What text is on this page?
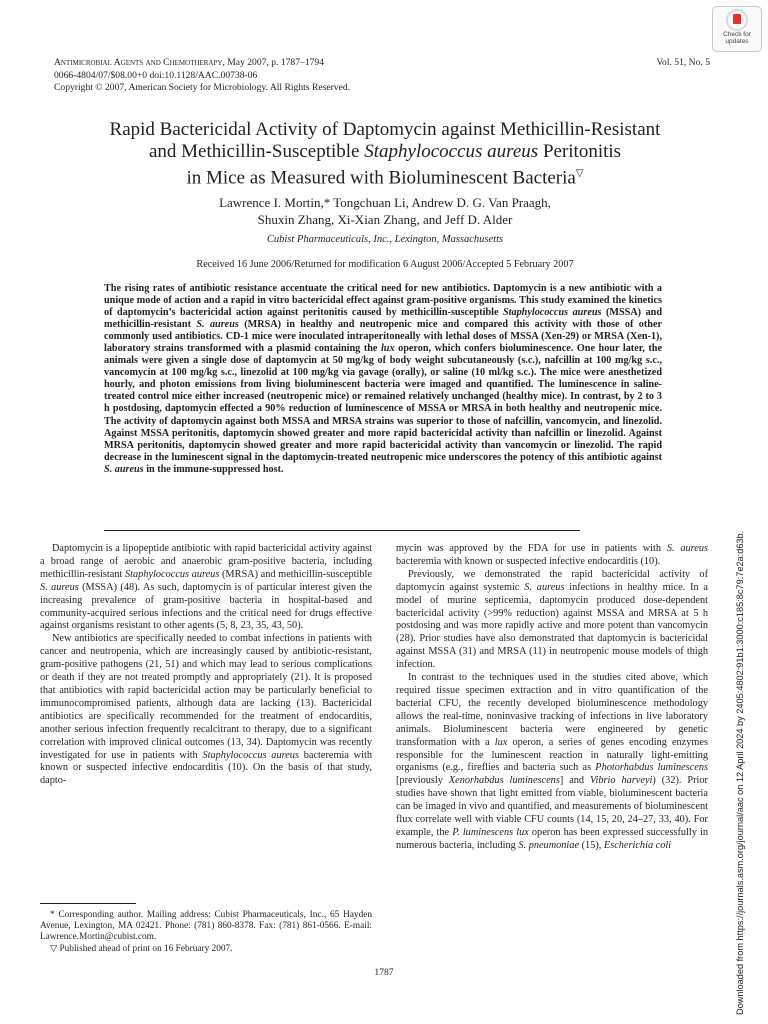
Antimicrobial Agents and Chemotherapy, May 2007, p. 1787–1794
0066-4804/07/$08.00+0 doi:10.1128/AAC.00738-06
Copyright © 2007, American Society for Microbiology. All Rights Reserved.
Vol. 51, No. 5
Check for
updates
Rapid Bactericidal Activity of Daptomycin against Methicillin-Resistant
and Methicillin-Susceptible Staphylococcus aureus Peritonitis
in Mice as Measured with Bioluminescent Bacteria▽
Lawrence I. Mortin,* Tongchuan Li, Andrew D. G. Van Praagh,
Shuxin Zhang, Xi-Xian Zhang, and Jeff D. Alder
Cubist Pharmaceuticals, Inc., Lexington, Massachusetts
Received 16 June 2006/Returned for modification 6 August 2006/Accepted 5 February 2007

The rising rates of antibiotic resistance accentuate the critical need for new antibiotics. Daptomycin is a new antibiotic with a unique mode of action and a rapid in vitro bactericidal effect against gram-positive organisms. This study examined the kinetics of daptomycin’s bactericidal action against peritonitis caused by methicillin-susceptible Staphylococcus aureus (MSSA) and methicillin-resistant S. aureus (MRSA) in healthy and neutropenic mice and compared this activity with those of other commonly used antibiotics. CD-1 mice were inoculated intraperitoneally with lethal doses of MSSA (Xen-29) or MRSA (Xen-1), laboratory strains transformed with a plasmid containing the lux operon, which confers bioluminescence. One hour later, the animals were given a single dose of daptomycin at 50 mg/kg of body weight subcutaneously (s.c.), nafcillin at 100 mg/kg s.c., vancomycin at 100 mg/kg s.c., linezolid at 100 mg/kg via gavage (orally), or saline (10 ml/kg s.c.). The mice were anesthetized hourly, and photon emissions from living bioluminescent bacteria were imaged and quantified. The luminescence in saline-treated control mice either increased (neutropenic mice) or remained relatively unchanged (healthy mice). In contrast, by 2 to 3 h postdosing, daptomycin effected a 90% reduction of luminescence of MSSA or MRSA in both healthy and neutropenic mice. The activity of daptomycin against both MSSA and MRSA strains was superior to those of nafcillin, vancomycin, and linezolid. Against MSSA peritonitis, daptomycin showed greater and more rapid bactericidal activity than nafcillin or linezolid. Against MRSA peritonitis, daptomycin showed greater and more rapid bactericidal activity than vancomycin or linezolid. The rapid decrease in the luminescent signal in the daptomycin-treated neutropenic mice underscores the potency of this antibiotic against S. aureus in the immune-suppressed host.

Daptomycin is a lipopeptide antibiotic with rapid bactericidal activity against a broad range of aerobic and anaerobic gram-positive bacteria, including methicillin-resistant Staphylococcus aureus (MRSA) and methicillin-susceptible S. aureus (MSSA) (48). As such, daptomycin is of particular interest given the increasing prevalence of gram-positive bacteria in hospital-based and community-acquired serious infections and the critical need for drugs effective against organisms resistant to other agents (5, 8, 23, 35, 43, 50).

New antibiotics are specifically needed to combat infections in patients with cancer and neutropenia, which are increasingly caused by antibiotic-resistant, gram-positive pathogens (21, 51) and which may lead to serious complications or death if they are not treated promptly and appropriately (21). It is proposed that antibiotics with rapid bactericidal action may be particularly beneficial to immunocompromised patients, although data are lacking (13). Bactericidal antibiotics are specifically recommended for the treatment of endocarditis, another serious infection frequently recalcitrant to therapy, due to a significant correlation with improved clinical outcomes (13, 34). Daptomycin was recently investigated for use in patients with Staphylococcus aureus bacteremia with known or suspected infective endocarditis (10). On the basis of that study, dapto-

mycin was approved by the FDA for use in patients with S. aureus bacteremia with known or suspected infective endocarditis (10).

Previously, we demonstrated the rapid bactericidal activity of daptomycin against systemic S. aureus infections in healthy mice. In a model of murine septicemia, daptomycin produced dose-dependent bactericidal activity (>99% reduction) against MSSA and MRSA at 5 h postdosing and was more rapidly active and more potent than vancomycin (28). Prior studies have also demonstrated that daptomycin is bactericidal against MSSA (31) and MRSA (11) in neutropenic mouse models of thigh infection.

In contrast to the techniques used in the studies cited above, which required tissue specimen extraction and in vitro quantification of the bacterial CFU, the recently developed bioluminescence methodology allows the real-time, noninvasive tracking of infections in live laboratory animals. Bioluminescent bacteria were engineered by genetic transformation with a lux operon, a series of genes encoding enzymes responsible for the luminescent reaction in naturally light-emitting organisms (e.g., fireflies and bacteria such as Photorhabdus luminescens [previously Xenorhabdus luminescens] and Vibrio harveyi) (32). Prior studies have shown that light emitted from viable, bioluminescent bacteria can be imaged in vivo and quantified, and measurements of bioluminescent flux correlate well with viable CFU counts (14, 15, 20, 24–27, 33, 40). For example, the P. luminescens lux operon has been expressed successfully in numerous bacteria, including S. pneumoniae (15), Escherichia coli

* Corresponding author. Mailing address: Cubist Pharmaceuticals, Inc., 65 Hayden Avenue, Lexington, MA 02421. Phone: (781) 860-8378. Fax: (781) 861-0566. E-mail: Lawrence.Mortin@cubist.com.

▽ Published ahead of print on 16 February 2007.

1787	Downloaded from https://journals.asm.org/journal/aac on 12 April 2024 by 2405:4802:91b1:3000:c185:8c79:7e2a:d63b.
